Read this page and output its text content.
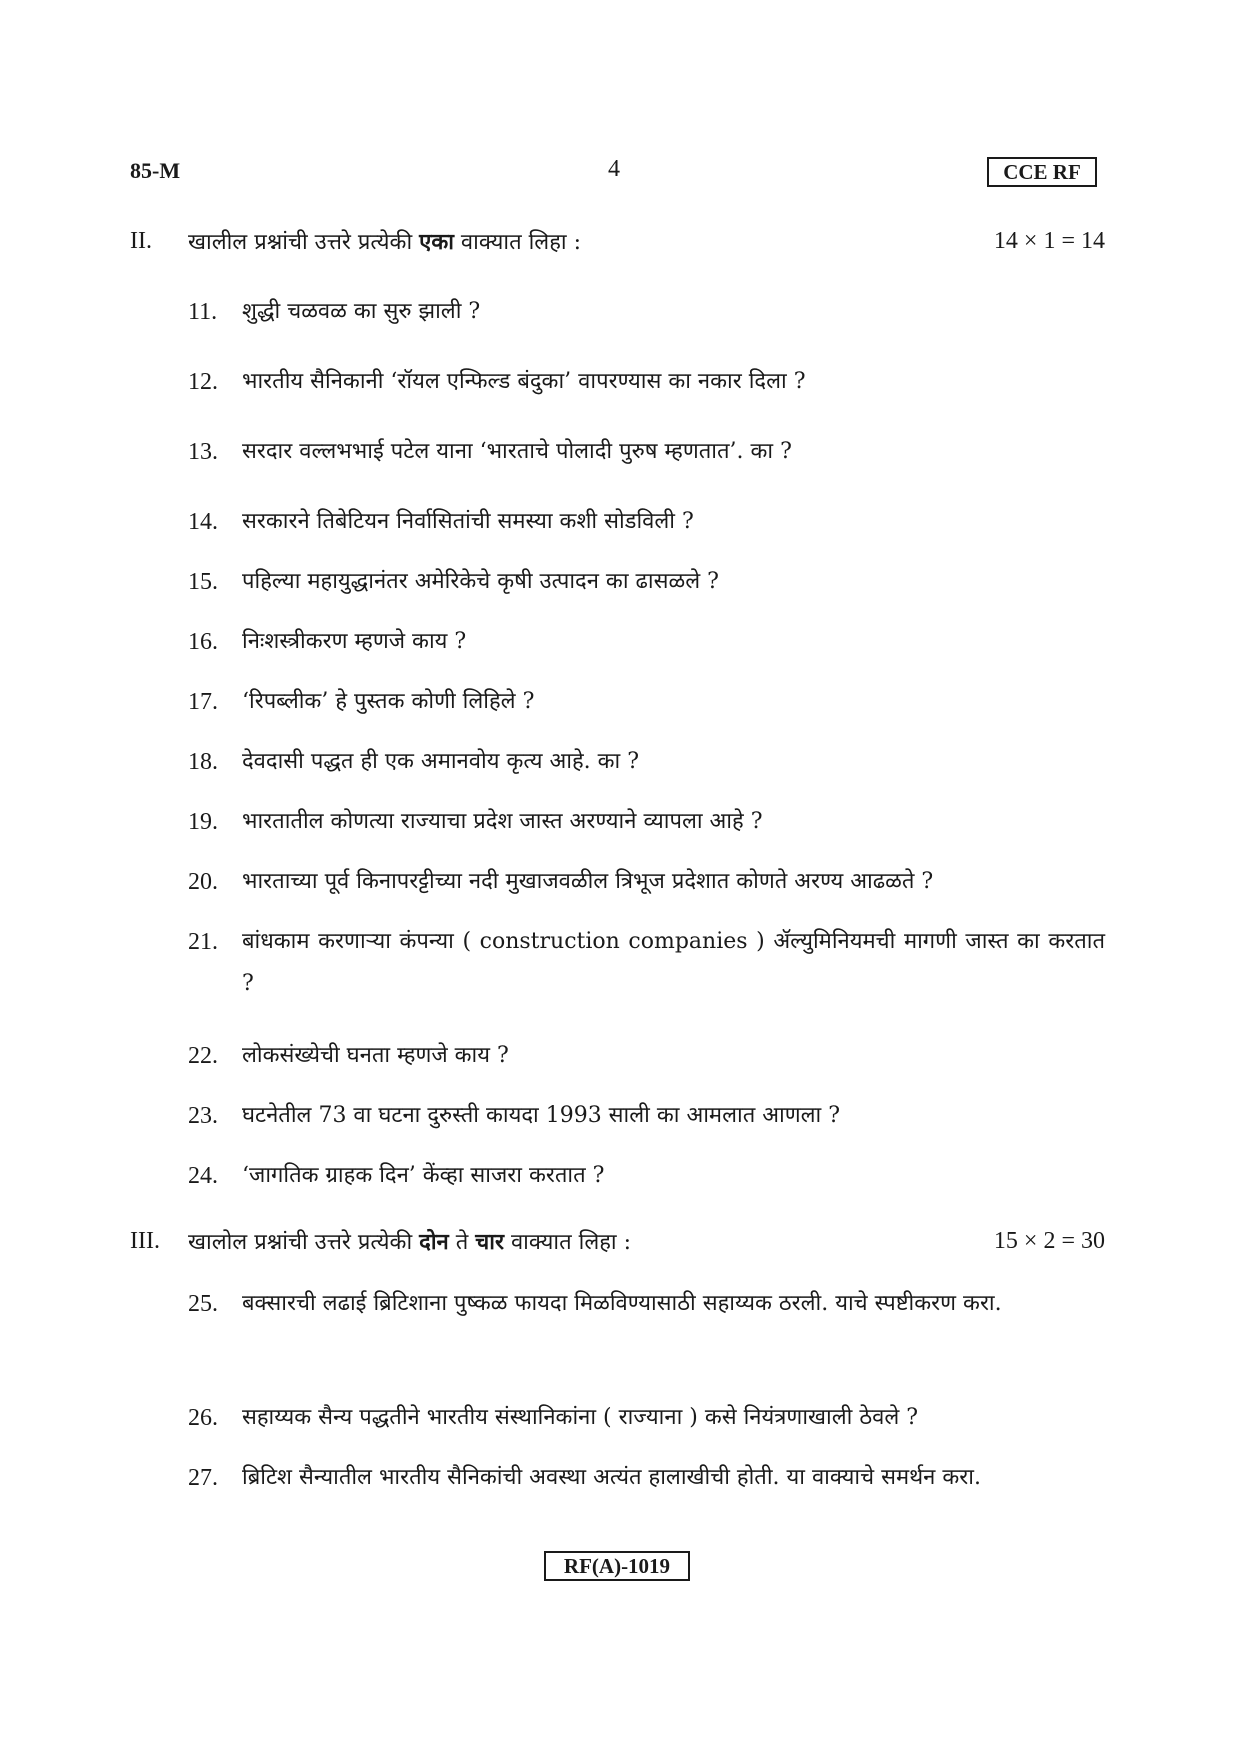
85-M	4	CCE RF
II. खालील प्रश्नांची उत्तरे प्रत्येकी एका वाक्यात लिहा :	14 × 1 = 14
11.	शुद्धी चळवळ का सुरु झाली ?
12.	भारतीय सैनिकानी ‘रॉयल एन्फिल्ड बंदुका’ वापरण्यास का नकार दिला ?
13.	सरदार वल्लभभाई पटेल याना ‘भारताचे पोलादी पुरुष म्हणतात’. का ?
14.	सरकारने तिबेटियन निर्वासितांची समस्या कशी सोडविली ?
15.	पहिल्या महायुद्धानंतर अमेरिकेचे कृषी उत्पादन का ढासळले ?
16.	निःशस्त्रीकरण म्हणजे काय ?
17.	‘रिपब्लीक’ हे पुस्तक कोणी लिहिले ?
18.	देवदासी पद्धत ही एक अमानवोय कृत्य आहे. का ?
19.	भारतातील कोणत्या राज्याचा प्रदेश जास्त अरण्याने व्यापला आहे ?
20.	भारताच्या पूर्व किनापरट्टीच्या नदी मुखाजवळील त्रिभूज प्रदेशात कोणते अरण्य आढळते ?
21.	बांधकाम करणाऱ्या कंपन्या ( construction companies ) ॲल्युमिनियमची मागणी जास्त का करतात ?
22.	लोकसंख्येची घनता म्हणजे काय ?
23.	घटनेतील 73 वा घटना दुरुस्ती कायदा 1993 साली का आमलात आणला ?
24.	‘जागतिक ग्राहक दिन’ केंव्हा साजरा करतात ?
III. खालोल प्रश्नांची उत्तरे प्रत्येकी दोन ते चार वाक्यात लिहा :	15 × 2 = 30
25.	बक्सारची लढाई ब्रिटिशाना पुष्कळ फायदा मिळविण्यासाठी सहाय्यक ठरली. याचे स्पष्टीकरण करा.
26.	सहाय्यक सैन्य पद्धतीने भारतीय संस्थानिकांना ( राज्याना ) कसे नियंत्रणाखाली ठेवले ?
27.	ब्रिटिश सैन्यातील भारतीय सैनिकांची अवस्था अत्यंत हालाखीची होती. या वाक्याचे समर्थन करा.
RF(A)-1019
